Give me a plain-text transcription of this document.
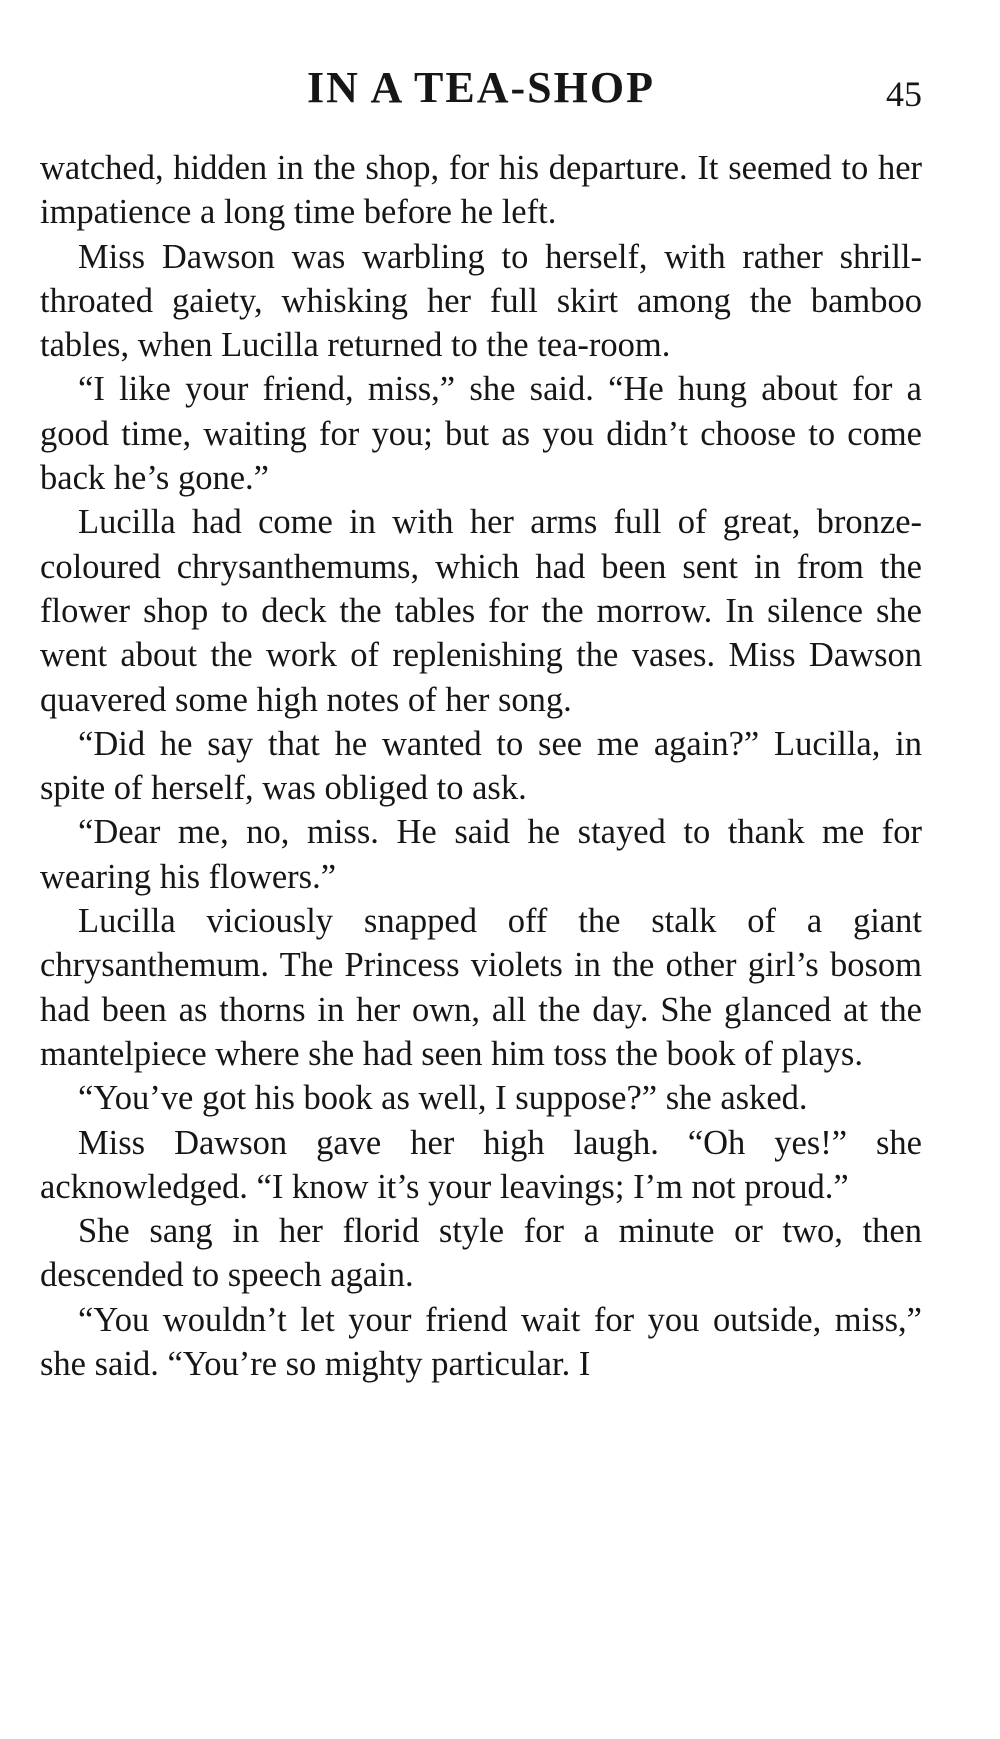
IN A TEA-SHOP	45

watched, hidden in the shop, for his departure. It seemed to her impatience a long time before he left.

Miss Dawson was warbling to herself, with rather shrill-throated gaiety, whisking her full skirt among the bamboo tables, when Lucilla returned to the tea-room.

“I like your friend, miss,” she said. “He hung about for a good time, waiting for you; but as you didn’t choose to come back he’s gone.”

Lucilla had come in with her arms full of great, bronze-coloured chrysanthemums, which had been sent in from the flower shop to deck the tables for the morrow. In silence she went about the work of replenishing the vases. Miss Dawson quavered some high notes of her song.

“Did he say that he wanted to see me again?” Lucilla, in spite of herself, was obliged to ask.

“Dear me, no, miss. He said he stayed to thank me for wearing his flowers.”

Lucilla viciously snapped off the stalk of a giant chrysanthemum. The Princess violets in the other girl’s bosom had been as thorns in her own, all the day. She glanced at the mantelpiece where she had seen him toss the book of plays.

“You’ve got his book as well, I suppose?” she asked.

Miss Dawson gave her high laugh. “Oh yes!” she acknowledged. “I know it’s your leavings; I’m not proud.”

She sang in her florid style for a minute or two, then descended to speech again.

“You wouldn’t let your friend wait for you outside, miss,” she said. “You’re so mighty particular. I
